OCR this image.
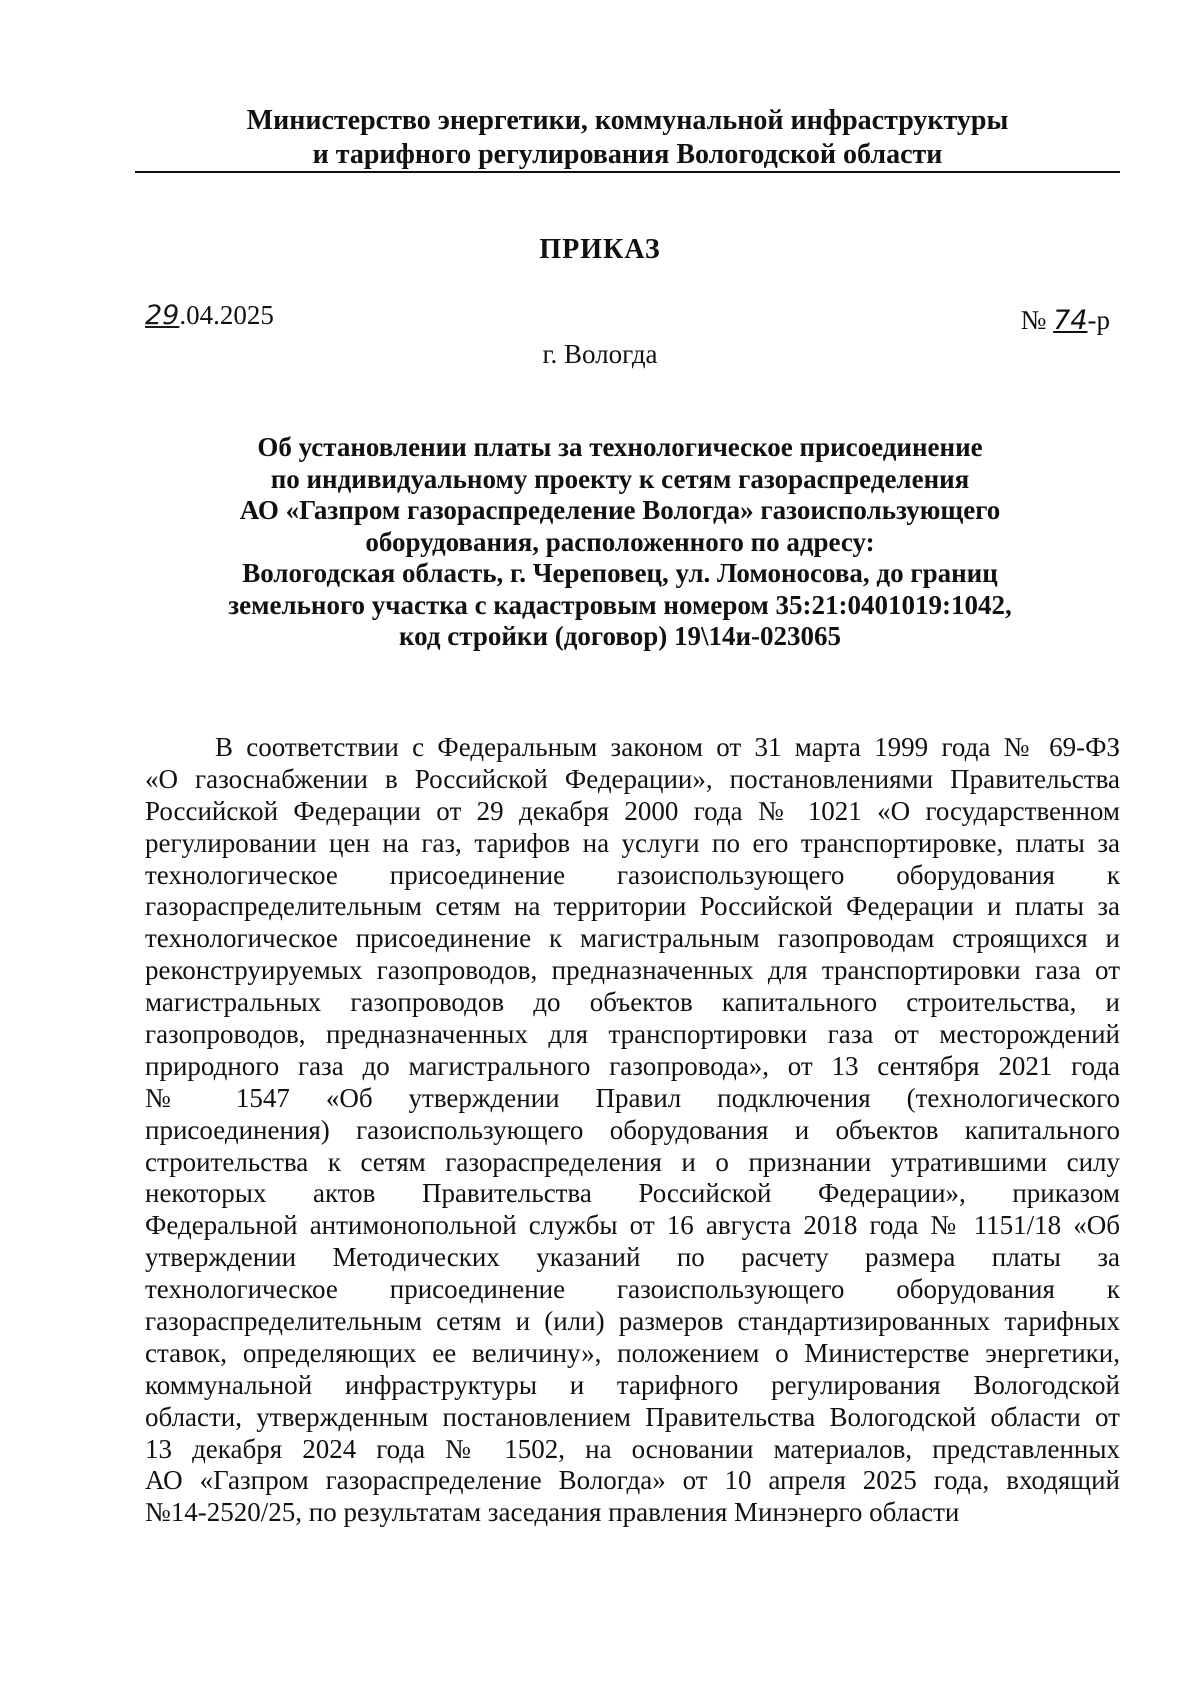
Министерство энергетики, коммунальной инфраструктуры
и тарифного регулирования Вологодской области
ПРИКАЗ
29.04.2025	№ 74-р
г. Вологда
Об установлении платы за технологическое присоединение
по индивидуальному проекту к сетям газораспределения
АО «Газпром газораспределение Вологда» газоиспользующего
оборудования, расположенного по адресу:
Вологодская область, г. Череповец, ул. Ломоносова, до границ
земельного участка с кадастровым номером 35:21:0401019:1042,
код стройки (договор) 19\14и-023065
В соответствии с Федеральным законом от 31 марта 1999 года № 69-ФЗ
«О газоснабжении в Российской Федерации», постановлениями Правительства
Российской Федерации от 29 декабря 2000 года № 1021 «О государственном
регулировании цен на газ, тарифов на услуги по его транспортировке, платы за
технологическое присоединение газоиспользующего оборудования к
газораспределительным сетям на территории Российской Федерации и платы за
технологическое присоединение к магистральным газопроводам строящихся и
реконструируемых газопроводов, предназначенных для транспортировки газа от
магистральных газопроводов до объектов капитального строительства, и
газопроводов, предназначенных для транспортировки газа от месторождений
природного газа до магистрального газопровода», от 13 сентября 2021 года
№ 1547 «Об утверждении Правил подключения (технологического
присоединения) газоиспользующего оборудования и объектов капитального
строительства к сетям газораспределения и о признании утратившими силу
некоторых актов Правительства Российской Федерации», приказом
Федеральной антимонопольной службы от 16 августа 2018 года № 1151/18 «Об
утверждении Методических указаний по расчету размера платы за
технологическое присоединение газоиспользующего оборудования к
газораспределительным сетям и (или) размеров стандартизированных тарифных
ставок, определяющих ее величину», положением о Министерстве энергетики,
коммунальной инфраструктуры и тарифного регулирования Вологодской
области, утвержденным постановлением Правительства Вологодской области от
13 декабря 2024 года № 1502, на основании материалов, представленных
АО «Газпром газораспределение Вологда» от 10 апреля 2025 года, входящий
№14-2520/25, по результатам заседания правления Минэнерго области
